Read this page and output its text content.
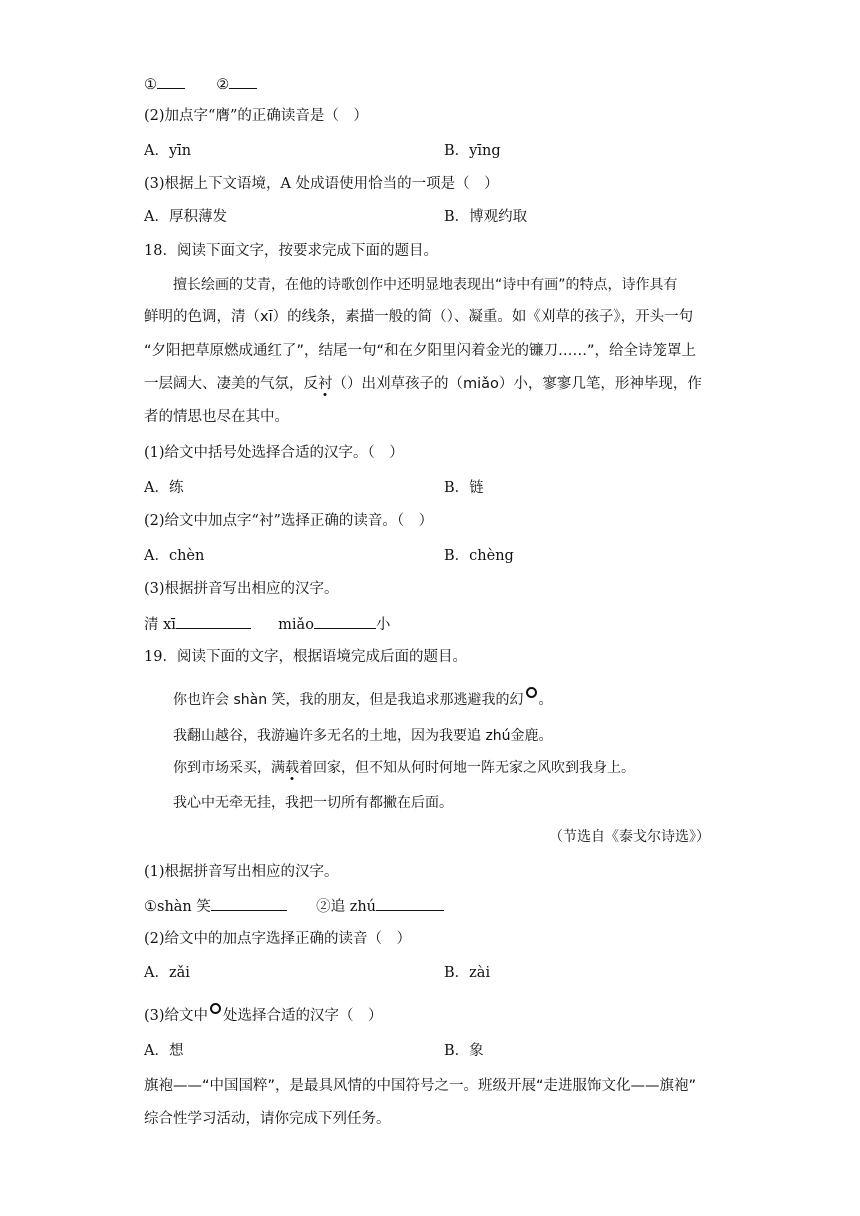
①	②
(2)加点字“膺”的正确读音是（　）
A．yīn	B．yīng
(3)根据上下文语境，A 处成语使用恰当的一项是（　）
A．厚积薄发	B．博观约取
18．阅读下面文字，按要求完成下面的题目。
擅长绘画的艾青，在他的诗歌创作中还明显地表现出“诗中有画”的特点，诗作具有
鲜明的色调，清（xī）的线条，素描一般的简（）、凝重。如《刈草的孩子》，开头一句
“夕阳把草原燃成通红了”，结尾一句“和在夕阳里闪着金光的镰刀……”，给全诗笼罩上
一层阔大、凄美的气氛，反衬（）出刈草孩子的（miǎo）小，寥寥几笔，形神毕现，作
者的情思也尽在其中。
(1)给文中括号处选择合适的汉字。（　）
A．练	B．链
(2)给文中加点字“衬”选择正确的读音。（　）
A．chèn	B．chèng
(3)根据拼音写出相应的汉字。
清 xī	miǎo	小
19．阅读下面的文字，根据语境完成后面的题目。
你也许会 shàn 笑，我的朋友，但是我追求那逃避我的幻 。
我翻山越谷，我游遍许多无名的土地，因为我要追 zhú金鹿。
你到市场采买，满载着回家，但不知从何时何地一阵无家之风吹到我身上。
我心中无牵无挂，我把一切所有都撇在后面。
（节选自《泰戈尔诗选》）
(1)根据拼音写出相应的汉字。
①shàn 笑	②追 zhú
(2)给文中的加点字选择正确的读音（　）
A．zǎi	B．zài
(3)给文中 处选择合适的汉字（　）
A．想	B．象
旗袍——“中国国粹”，是最具风情的中国符号之一。班级开展“走进服饰文化——旗袍”
综合性学习活动，请你完成下列任务。
